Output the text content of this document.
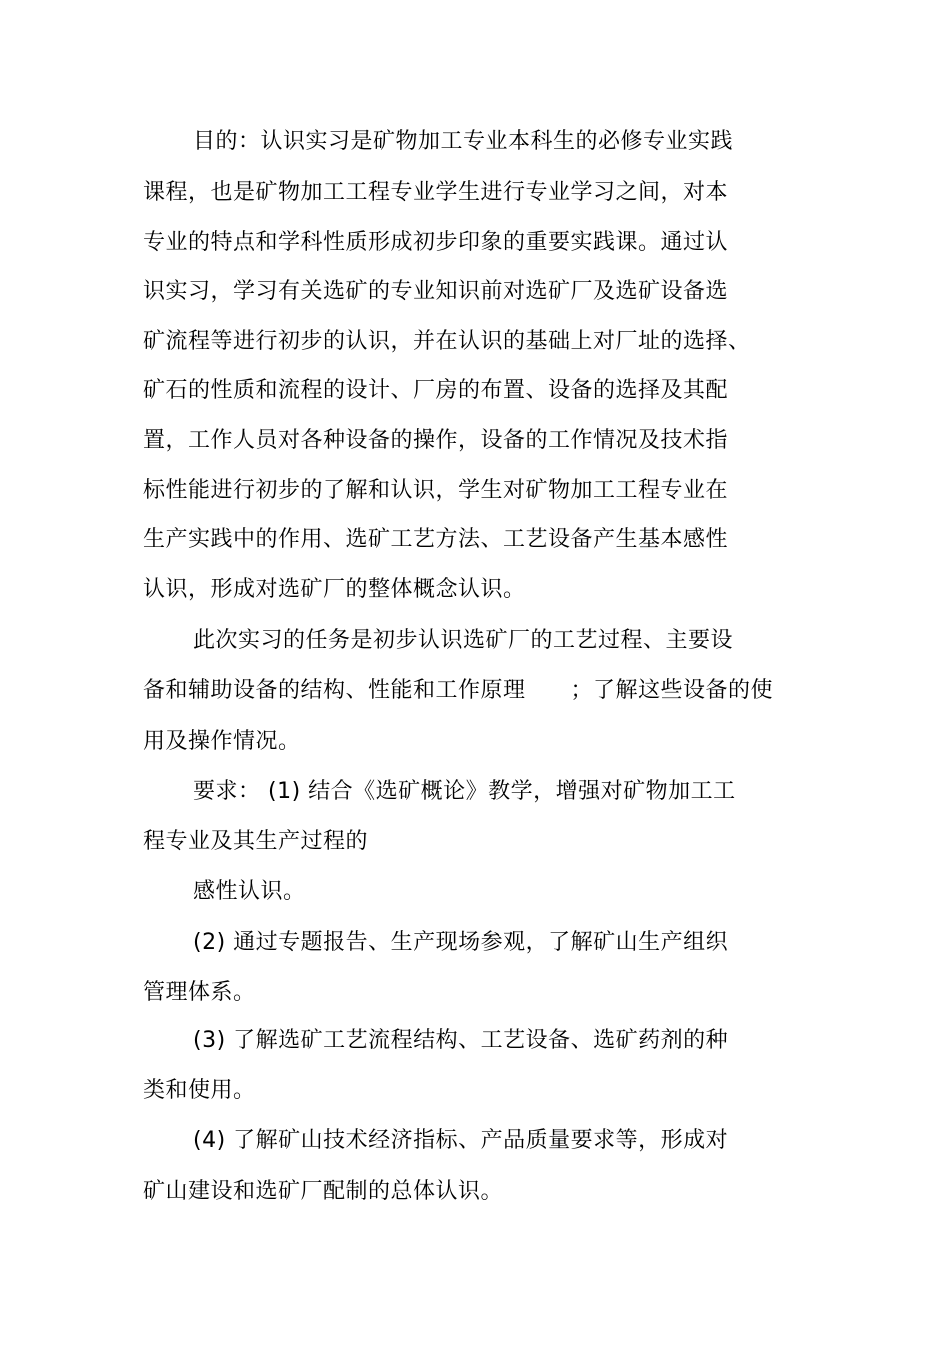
目的：认识实习是矿物加工专业本科生的必修专业实践
课程，也是矿物加工工程专业学生进行专业学习之间，对本
专业的特点和学科性质形成初步印象的重要实践课。通过认
识实习，学习有关选矿的专业知识前对选矿厂及选矿设备选
矿流程等进行初步的认识，并在认识的基础上对厂址的选择、
矿石的性质和流程的设计、厂房的布置、设备的选择及其配
置，工作人员对各种设备的操作，设备的工作情况及技术指
标性能进行初步的了解和认识，学生对矿物加工工程专业在
生产实践中的作用、选矿工艺方法、工艺设备产生基本感性
认识，形成对选矿厂的整体概念认识。
此次实习的任务是初步认识选矿厂的工艺过程、主要设
备和辅助设备的结构、性能和工作原理　　；了解这些设备的使
用及操作情况。
要求： (1) 结合《选矿概论》教学，增强对矿物加工工
程专业及其生产过程的
感性认识。
(2) 通过专题报告、生产现场参观，了解矿山生产组织
管理体系。
(3) 了解选矿工艺流程结构、工艺设备、选矿药剂的种
类和使用。
(4) 了解矿山技术经济指标、产品质量要求等，形成对
矿山建设和选矿厂配制的总体认识。
